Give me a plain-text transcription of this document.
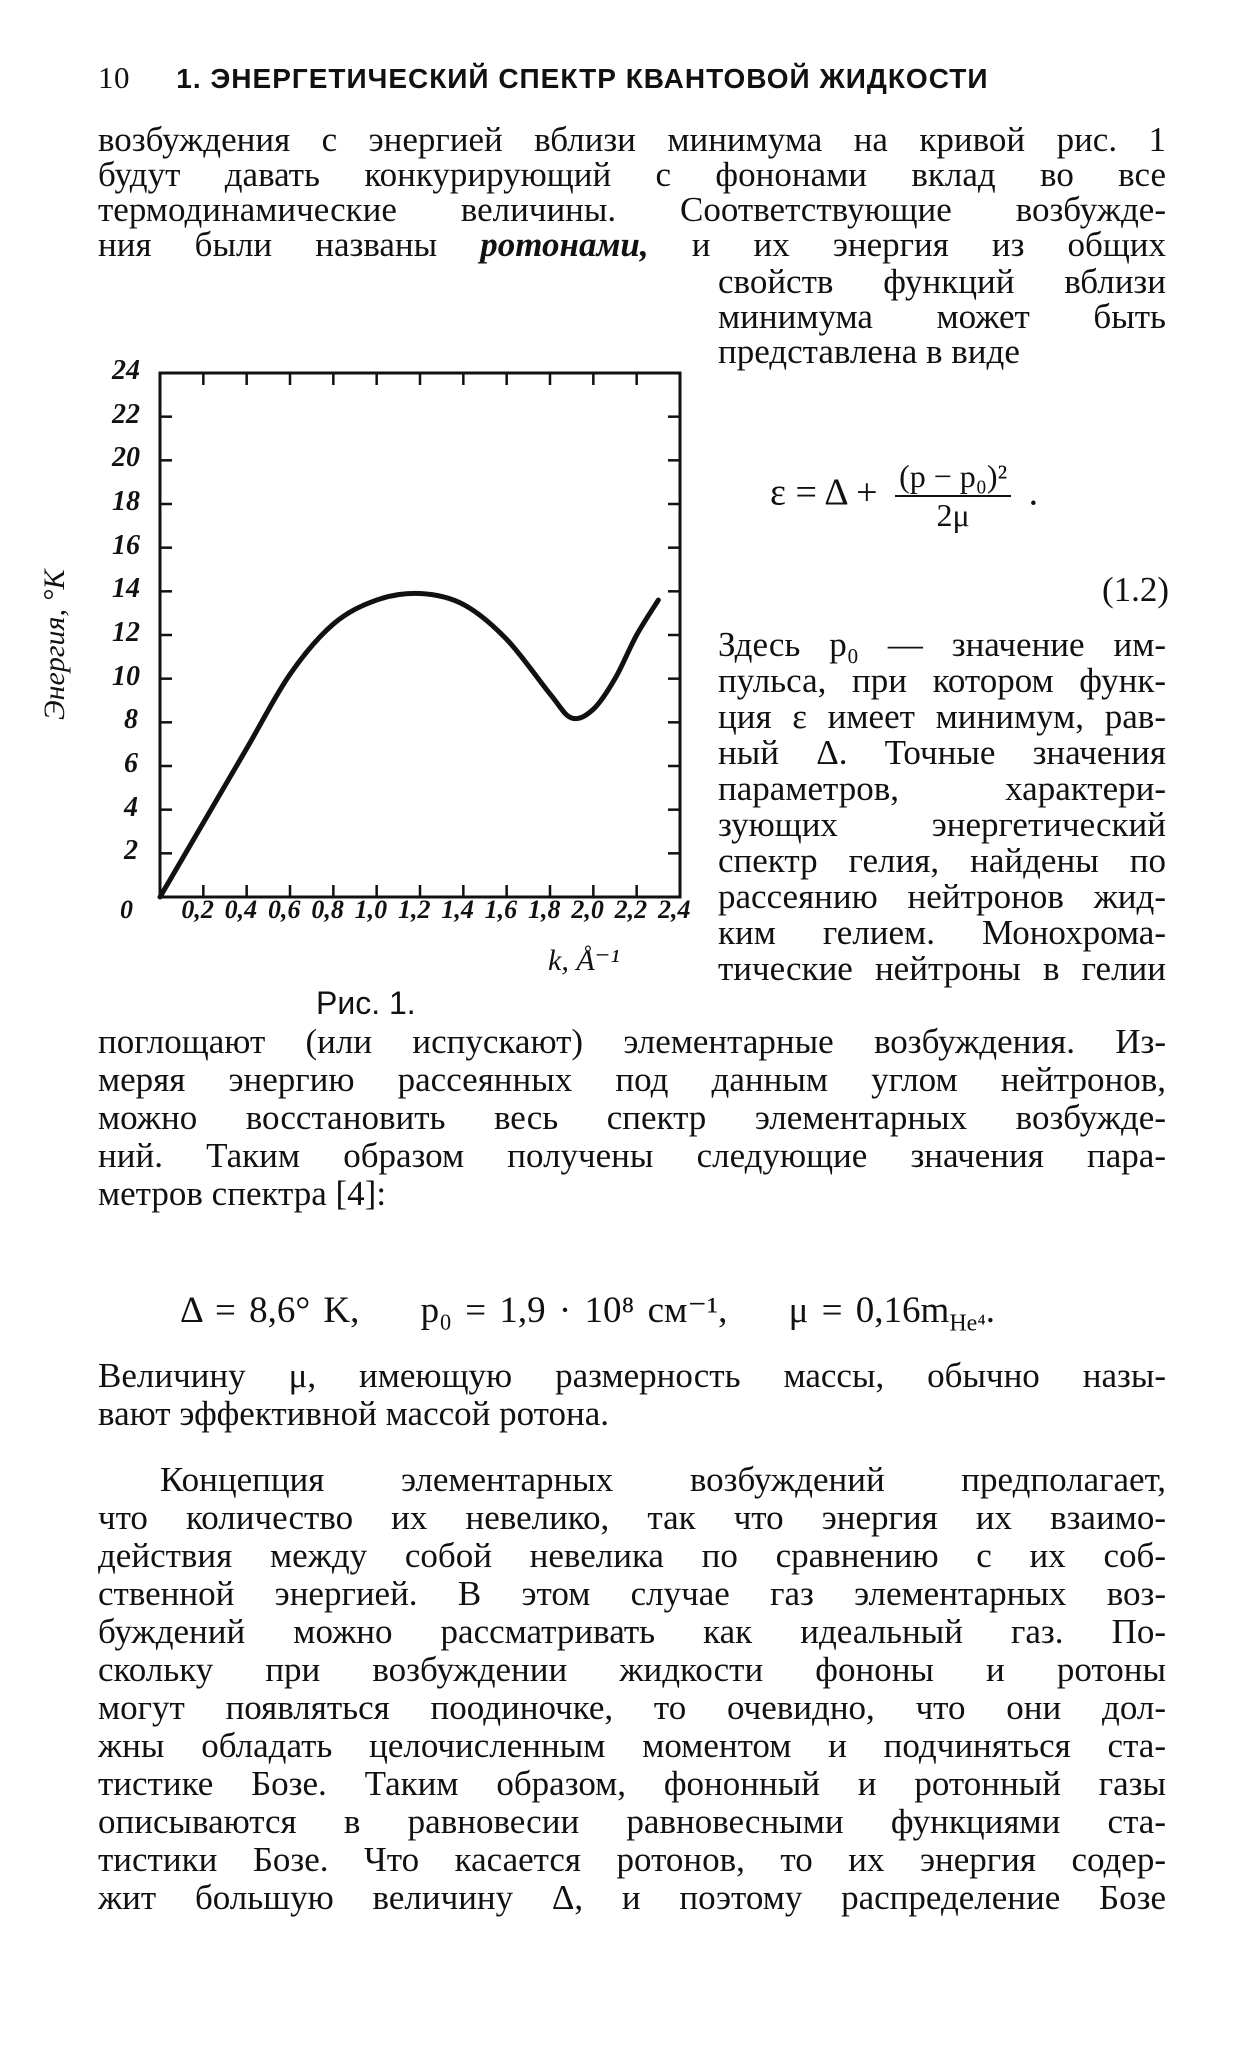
10 1. ЭНЕРГЕТИЧЕСКИЙ СПЕКТР КВАНТОВОЙ ЖИДКОСТИ
возбуждения с энергией вблизи минимума на кривой рис. 1
будут давать конкурирующий с фононами вклад во все
термодинамические величины. Соответствующие возбужде-
ния были названы ротонами, и их энергия из общих
свойств функций вблизи
минимума может быть
представлена в виде
$\varepsilon = \Delta + \frac{\text{(p − p₀)²}}{2\mu}$ .
(1.2)
Здесь p₀ — значение им-
пульса, при котором функ-
ция ε имеет минимум, рав-
ный Δ. Точные значения
параметров, характери-
зующих энергетический
спектр гелия, найдены по
рассеянию нейтронов жид-
ким гелием. Монохрома-
тические нейтроны в гелии
поглощают (или испускают) элементарные возбуждения. Из-
меряя энергию рассеянных под данным углом нейтронов,
можно восстановить весь спектр элементарных возбужде-
ний. Таким образом получены следующие значения пара-
метров спектра [4]:
Δ = 8,6° K, p₀ = 1,9 · 10⁸ см⁻¹, $\mu = 0,16m_{He^4}$.
Величину μ, имеющую размерность массы, обычно назы-
вают эффективной массой ротона.
Концепция элементарных возбуждений предполагает,
что количество их невелико, так что энергия их взаимо-
действия между собой невелика по сравнению с их соб-
ственной энергией. В этом случае газ элементарных воз-
буждений можно рассматривать как идеальный газ. По-
скольку при возбуждении жидкости фононы и ротоны
могут появляться поодиночке, то очевидно, что они дол-
жны обладать целочисленным моментом и подчиняться ста-
тистике Бозе. Таким образом, фононный и ротонный газы
описываются в равновесии равновесными функциями ста-
тистики Бозе. Что касается ротонов, то их энергия содер-
жит большую величину Δ, и поэтому распределение Бозе
Энергия, °K
24
22
20
18
16
14
12
10
8
6
4
2
0 0,2 0,4 0,6 0,8 1,0 1,2 1,4 1,6 1,8 2,0 2,2 2,4
k, Å⁻¹
Рис. 1.
